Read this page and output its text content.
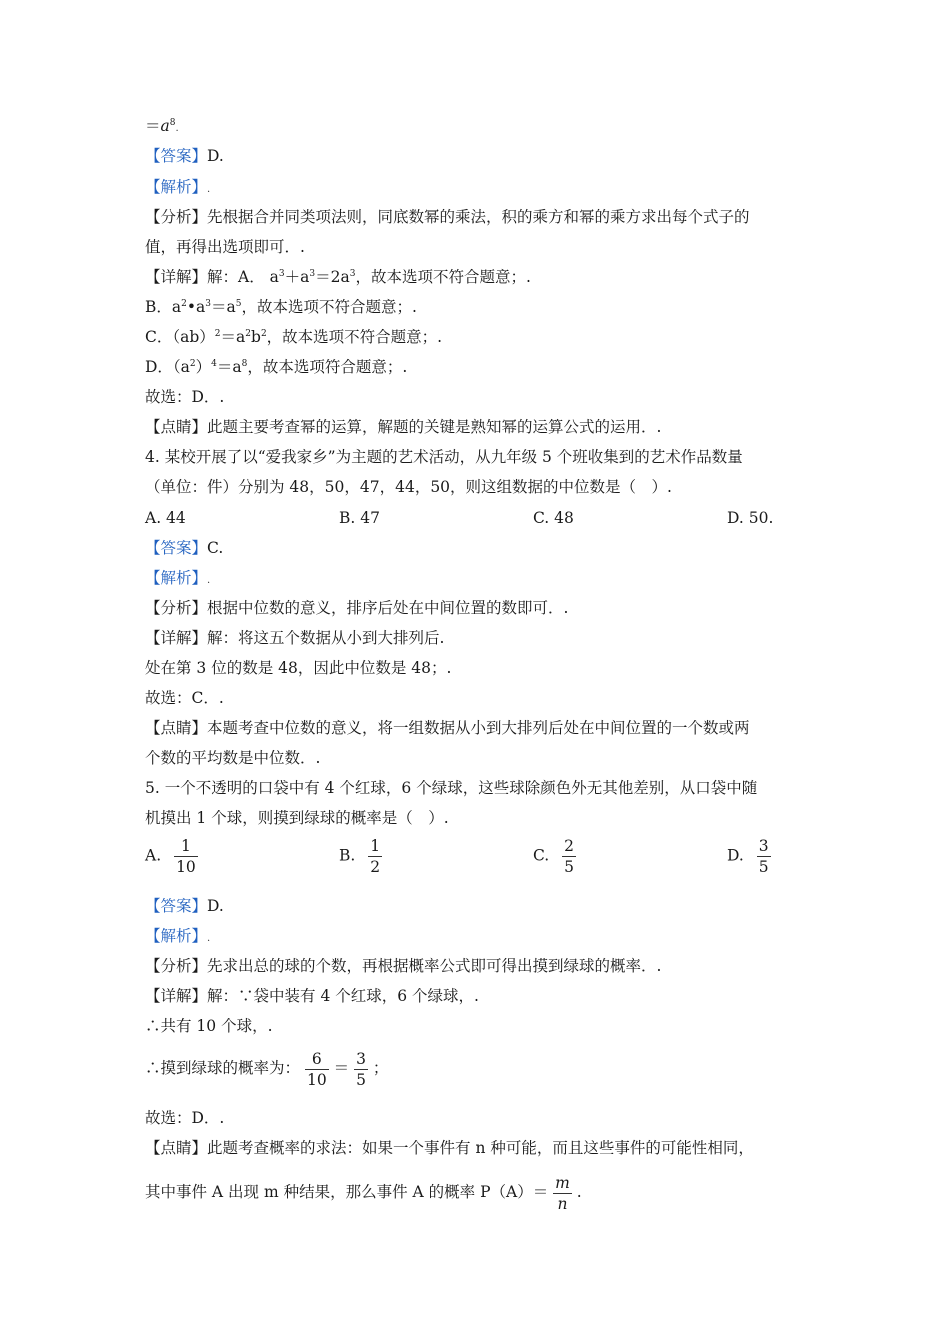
$=a^8$.
【答案】D.
【解析】.
【分析】先根据合并同类项法则，同底数幂的乘法，积的乘方和幂的乘方求出每个式子的
值，再得出选项即可．.
【详解】解：A． $a^3+a^3=2a^3$，故本选项不符合题意；.
B．$a^2•a^3=a^5$，故本选项不符合题意；.
C．$(ab)^2=a^2b^2$，故本选项不符合题意；.
D．$(a^2)^4=a^8$，故本选项符合题意；.
故选：D．.
【点睛】此题主要考查幂的运算，解题的关键是熟知幂的运算公式的运用．.
4. 某校开展了以“爱我家乡”为主题的艺术活动，从九年级 5 个班收集到的艺术作品数量
（单位：件）分别为 48，50，47，44，50，则这组数据的中位数是（　）.
A. 44	B. 47	C. 48	D. 50.
【答案】C.
【解析】.
【分析】根据中位数的意义，排序后处在中间位置的数即可．.
【详解】解：将这五个数据从小到大排列后.
处在第 3 位的数是 48，因此中位数是 48；.
故选：C．.
【点睛】本题考查中位数的意义，将一组数据从小到大排列后处在中间位置的一个数或两
个数的平均数是中位数．.
5. 一个不透明的口袋中有 4 个红球，6 个绿球，这些球除颜色外无其他差别，从口袋中随
机摸出 1 个球，则摸到绿球的概率是（　）.
A. $\frac{1}{10}$	B. $\frac{1}{2}$	C. $\frac{2}{5}$	D. $\frac{3}{5}$
【答案】D.
【解析】.
【分析】先求出总的球的个数，再根据概率公式即可得出摸到绿球的概率．.
【详解】解：∵袋中装有 4 个红球，6 个绿球，.
∴共有 10 个球，.
∴摸到绿球的概率为： $\frac{6}{10} = \frac{3}{5}$ ；
故选：D．.
【点睛】此题考查概率的求法：如果一个事件有 n 种可能，而且这些事件的可能性相同，
其中事件 A 出现 m 种结果，那么事件 A 的概率 $P(A)= \frac{m}{n}$ .
